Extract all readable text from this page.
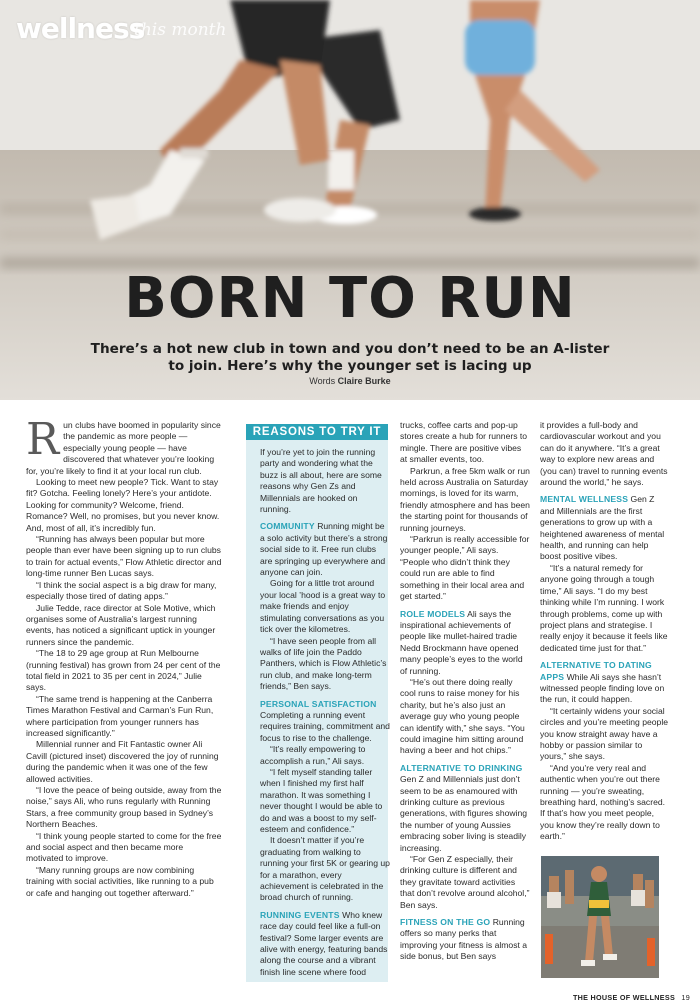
wellness
this month
BORN TO RUN
There’s a hot new club in town and you don’t need to be an A-lister to join. Here’s why the younger set is lacing up
Words Claire Burke
R un clubs have boomed in popularity since the pandemic as more people — especially young people — have discovered that whatever you’re looking for, you’re likely to find it at your local run club.

Looking to meet new people? Tick. Want to stay fit? Gotcha. Feeling lonely? Here’s your antidote. Looking for community? Welcome, friend. Romance? Well, no promises, but you never know. And, most of all, it’s incredibly fun.

“Running has always been popular but more people than ever have been signing up to run clubs to train for actual events,” Flow Athletic director and long-time runner Ben Lucas says.

“I think the social aspect is a big draw for many, especially those tired of dating apps.”

Julie Tedde, race director at Sole Motive, which organises some of Australia’s largest running events, has noticed a significant uptick in younger runners since the pandemic.

“The 18 to 29 age group at Run Melbourne (running festival) has grown from 24 per cent of the total field in 2021 to 35 per cent in 2024,” Julie says.

“The same trend is happening at the Canberra Times Marathon Festival and Carman’s Fun Run, where participation from younger runners has increased significantly.”

Millennial runner and Fit Fantastic owner Ali Cavill (pictured inset) discovered the joy of running during the pandemic when it was one of the few allowed activities.

“I love the peace of being outside, away from the noise,” says Ali, who runs regularly with Running Stars, a free community group based in Sydney’s Northern Beaches.

“I think young people started to come for the free and social aspect and then became more motivated to improve.

“Many running groups are now combining training with social activities, like running to a pub or cafe and hanging out together afterward.”

REASONS TO TRY IT

If you’re yet to join the running party and wondering what the buzz is all about, here are some reasons why Gen Zs and Millennials are hooked on running.

COMMUNITY Running might be a solo activity but there’s a strong social side to it. Free run clubs are springing up everywhere and anyone can join.

Going for a little trot around your local ’hood is a great way to make friends and enjoy stimulating conversations as you tick over the kilometres.

“I have seen people from all walks of life join the Paddo Panthers, which is Flow Athletic’s run club, and make long-term friends,” Ben says.

PERSONAL SATISFACTION
Completing a running event requires training, commitment and focus to rise to the challenge.

“It’s really empowering to accomplish a run,” Ali says.

“I felt myself standing taller when I finished my first half marathon. It was something I never thought I would be able to do and was a boost to my self-esteem and confidence.”

It doesn’t matter if you’re graduating from walking to running your first 5K or gearing up for a marathon, every achievement is celebrated in the broad church of running.

RUNNING EVENTS Who knew race day could feel like a full-on festival? Some larger events are alive with energy, featuring bands along the course and a vibrant finish line scene where food

trucks, coffee carts and pop-up stores create a hub for runners to mingle. There are positive vibes at smaller events, too.

Parkrun, a free 5km walk or run held across Australia on Saturday mornings, is loved for its warm, friendly atmosphere and has been the starting point for thousands of running journeys.

“Parkrun is really accessible for younger people,” Ali says. “People who didn’t think they could run are able to find something in their local area and get started.”

ROLE MODELS Ali says the inspirational achievements of people like mullet-haired tradie Nedd Brockmann have opened many people’s eyes to the world of running.

“He’s out there doing really cool runs to raise money for his charity, but he’s also just an average guy who young people can identify with,” she says. “You could imagine him sitting around having a beer and hot chips.”

ALTERNATIVE TO DRINKING Gen Z and Millennials just don’t seem to be as enamoured with drinking culture as previous generations, with figures showing the number of young Aussies embracing sober living is steadily increasing.

“For Gen Z especially, their drinking culture is different and they gravitate toward activities that don’t revolve around alcohol,” Ben says.

FITNESS ON THE GO Running offers so many perks that improving your fitness is almost a side bonus, but Ben says

it provides a full-body and cardiovascular workout and you can do it anywhere. “It’s a great way to explore new areas and (you can) travel to running events around the world,” he says.

MENTAL WELLNESS Gen Z and Millennials are the first generations to grow up with a heightened awareness of mental health, and running can help boost positive vibes.

“It’s a natural remedy for anyone going through a tough time,” Ali says. “I do my best thinking while I’m running. I work through problems, come up with project plans and strategise. I really enjoy it because it feels like dedicated time just for that.”

ALTERNATIVE TO DATING APPS While Ali says she hasn’t witnessed people finding love on the run, it could happen.

“It certainly widens your social circles and you’re meeting people you know straight away have a hobby or passion similar to yours,” she says.

“And you’re very real and authentic when you’re out there running — you’re sweating, breathing hard, nothing’s sacred. If that’s how you meet people, you know they’re really down to earth.”

THE HOUSE OF WELLNESS 19
